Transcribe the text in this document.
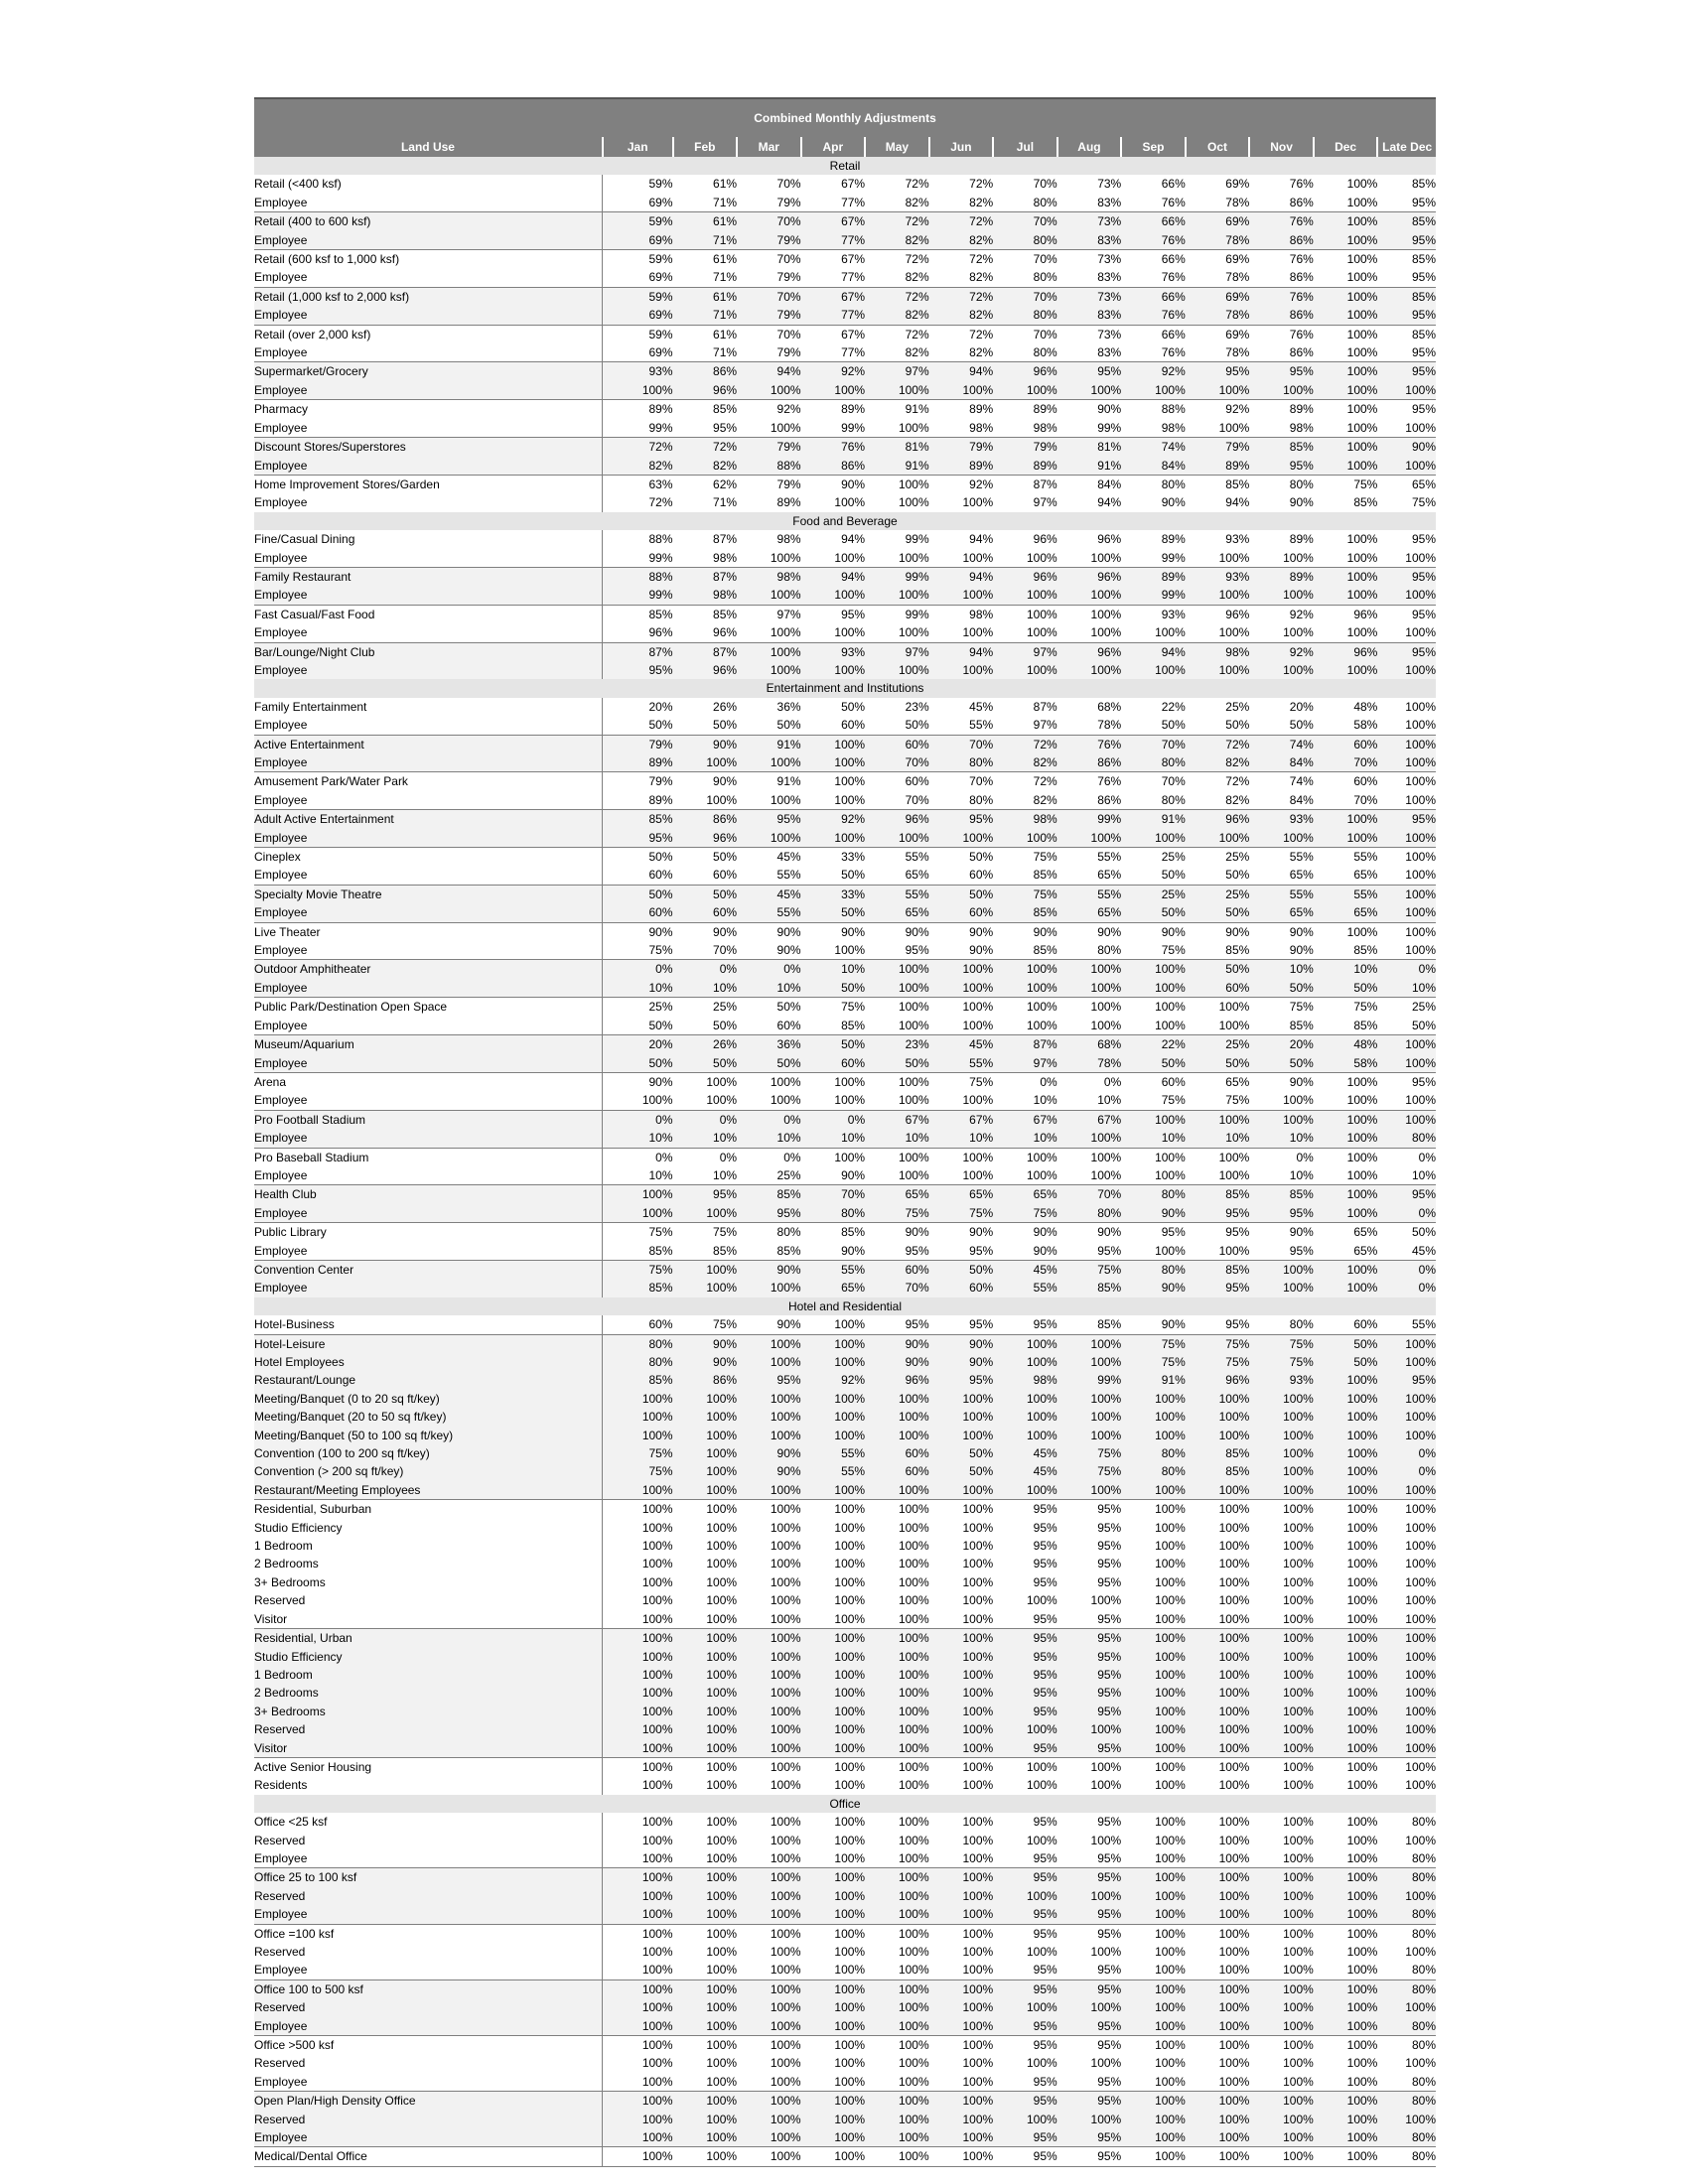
Combined Monthly Adjustments													
Land Use	Jan	Feb	Mar	Apr	May	Jun	Jul	Aug	Sep	Oct	Nov	Dec	Late Dec
Retail													
Retail (<400 ksf)	59%	61%	70%	67%	72%	72%	70%	73%	66%	69%	76%	100%	85%
Employee	69%	71%	79%	77%	82%	82%	80%	83%	76%	78%	86%	100%	95%
Retail (400 to 600 ksf)	59%	61%	70%	67%	72%	72%	70%	73%	66%	69%	76%	100%	85%
Employee	69%	71%	79%	77%	82%	82%	80%	83%	76%	78%	86%	100%	95%
Retail (600 ksf to 1,000 ksf)	59%	61%	70%	67%	72%	72%	70%	73%	66%	69%	76%	100%	85%
Employee	69%	71%	79%	77%	82%	82%	80%	83%	76%	78%	86%	100%	95%
Retail (1,000 ksf to 2,000 ksf)	59%	61%	70%	67%	72%	72%	70%	73%	66%	69%	76%	100%	85%
Employee	69%	71%	79%	77%	82%	82%	80%	83%	76%	78%	86%	100%	95%
Retail (over 2,000 ksf)	59%	61%	70%	67%	72%	72%	70%	73%	66%	69%	76%	100%	85%
Employee	69%	71%	79%	77%	82%	82%	80%	83%	76%	78%	86%	100%	95%
Supermarket/Grocery	93%	86%	94%	92%	97%	94%	96%	95%	92%	95%	95%	100%	95%
Employee	100%	96%	100%	100%	100%	100%	100%	100%	100%	100%	100%	100%	100%
Pharmacy	89%	85%	92%	89%	91%	89%	89%	90%	88%	92%	89%	100%	95%
Employee	99%	95%	100%	99%	100%	98%	98%	99%	98%	100%	98%	100%	100%
Discount Stores/Superstores	72%	72%	79%	76%	81%	79%	79%	81%	74%	79%	85%	100%	90%
Employee	82%	82%	88%	86%	91%	89%	89%	91%	84%	89%	95%	100%	100%
Home Improvement Stores/Garden	63%	62%	79%	90%	100%	92%	87%	84%	80%	85%	80%	75%	65%
Employee	72%	71%	89%	100%	100%	100%	97%	94%	90%	94%	90%	85%	75%
Food and Beverage													
Fine/Casual Dining	88%	87%	98%	94%	99%	94%	96%	96%	89%	93%	89%	100%	95%
Employee	99%	98%	100%	100%	100%	100%	100%	100%	99%	100%	100%	100%	100%
Family Restaurant	88%	87%	98%	94%	99%	94%	96%	96%	89%	93%	89%	100%	95%
Employee	99%	98%	100%	100%	100%	100%	100%	100%	99%	100%	100%	100%	100%
Fast Casual/Fast Food	85%	85%	97%	95%	99%	98%	100%	100%	93%	96%	92%	96%	95%
Employee	96%	96%	100%	100%	100%	100%	100%	100%	100%	100%	100%	100%	100%
Bar/Lounge/Night Club	87%	87%	100%	93%	97%	94%	97%	96%	94%	98%	92%	96%	95%
Employee	95%	96%	100%	100%	100%	100%	100%	100%	100%	100%	100%	100%	100%
Entertainment and Institutions													
Family Entertainment	20%	26%	36%	50%	23%	45%	87%	68%	22%	25%	20%	48%	100%
Employee	50%	50%	50%	60%	50%	55%	97%	78%	50%	50%	50%	58%	100%
Active Entertainment	79%	90%	91%	100%	60%	70%	72%	76%	70%	72%	74%	60%	100%
Employee	89%	100%	100%	100%	70%	80%	82%	86%	80%	82%	84%	70%	100%
Amusement Park/Water Park	79%	90%	91%	100%	60%	70%	72%	76%	70%	72%	74%	60%	100%
Employee	89%	100%	100%	100%	70%	80%	82%	86%	80%	82%	84%	70%	100%
Adult Active Entertainment	85%	86%	95%	92%	96%	95%	98%	99%	91%	96%	93%	100%	95%
Employee	95%	96%	100%	100%	100%	100%	100%	100%	100%	100%	100%	100%	100%
Cineplex	50%	50%	45%	33%	55%	50%	75%	55%	25%	25%	55%	55%	100%
Employee	60%	60%	55%	50%	65%	60%	85%	65%	50%	50%	65%	65%	100%
Specialty Movie Theatre	50%	50%	45%	33%	55%	50%	75%	55%	25%	25%	55%	55%	100%
Employee	60%	60%	55%	50%	65%	60%	85%	65%	50%	50%	65%	65%	100%
Live Theater	90%	90%	90%	90%	90%	90%	90%	90%	90%	90%	90%	100%	100%
Employee	75%	70%	90%	100%	95%	90%	85%	80%	75%	85%	90%	85%	100%
Outdoor Amphitheater	0%	0%	0%	10%	100%	100%	100%	100%	100%	50%	10%	10%	0%
Employee	10%	10%	10%	50%	100%	100%	100%	100%	100%	60%	50%	50%	10%
Public Park/Destination Open Space	25%	25%	50%	75%	100%	100%	100%	100%	100%	100%	75%	75%	25%
Employee	50%	50%	60%	85%	100%	100%	100%	100%	100%	100%	85%	85%	50%
Museum/Aquarium	20%	26%	36%	50%	23%	45%	87%	68%	22%	25%	20%	48%	100%
Employee	50%	50%	50%	60%	50%	55%	97%	78%	50%	50%	50%	58%	100%
Arena	90%	100%	100%	100%	100%	75%	0%	0%	60%	65%	90%	100%	95%
Employee	100%	100%	100%	100%	100%	100%	10%	10%	75%	75%	100%	100%	100%
Pro Football Stadium	0%	0%	0%	0%	67%	67%	67%	67%	100%	100%	100%	100%	100%
Employee	10%	10%	10%	10%	10%	10%	10%	100%	10%	10%	10%	100%	80%
Pro Baseball Stadium	0%	0%	0%	100%	100%	100%	100%	100%	100%	100%	0%	100%	0%
Employee	10%	10%	25%	90%	100%	100%	100%	100%	100%	100%	10%	100%	10%
Health Club	100%	95%	85%	70%	65%	65%	65%	70%	80%	85%	85%	100%	95%
Employee	100%	100%	95%	80%	75%	75%	75%	80%	90%	95%	95%	100%	0%
Public Library	75%	75%	80%	85%	90%	90%	90%	90%	95%	95%	90%	65%	50%
Employee	85%	85%	85%	90%	95%	95%	90%	95%	100%	100%	95%	65%	45%
Convention Center	75%	100%	90%	55%	60%	50%	45%	75%	80%	85%	100%	100%	0%
Employee	85%	100%	100%	65%	70%	60%	55%	85%	90%	95%	100%	100%	0%
Hotel and Residential													
Hotel-Business	60%	75%	90%	100%	95%	95%	95%	85%	90%	95%	80%	60%	55%
Hotel-Leisure	80%	90%	100%	100%	90%	90%	100%	100%	75%	75%	75%	50%	100%
Hotel Employees	80%	90%	100%	100%	90%	90%	100%	100%	75%	75%	75%	50%	100%
Restaurant/Lounge	85%	86%	95%	92%	96%	95%	98%	99%	91%	96%	93%	100%	95%
Meeting/Banquet (0 to 20 sq ft/key)	100%	100%	100%	100%	100%	100%	100%	100%	100%	100%	100%	100%	100%
Meeting/Banquet (20 to 50 sq ft/key)	100%	100%	100%	100%	100%	100%	100%	100%	100%	100%	100%	100%	100%
Meeting/Banquet (50 to 100 sq ft/key)	100%	100%	100%	100%	100%	100%	100%	100%	100%	100%	100%	100%	100%
Convention (100 to 200 sq ft/key)	75%	100%	90%	55%	60%	50%	45%	75%	80%	85%	100%	100%	0%
Convention (> 200 sq ft/key)	75%	100%	90%	55%	60%	50%	45%	75%	80%	85%	100%	100%	0%
Restaurant/Meeting Employees	100%	100%	100%	100%	100%	100%	100%	100%	100%	100%	100%	100%	100%
Residential, Suburban	100%	100%	100%	100%	100%	100%	95%	95%	100%	100%	100%	100%	100%
Studio Efficiency	100%	100%	100%	100%	100%	100%	95%	95%	100%	100%	100%	100%	100%
1 Bedroom	100%	100%	100%	100%	100%	100%	95%	95%	100%	100%	100%	100%	100%
2 Bedrooms	100%	100%	100%	100%	100%	100%	95%	95%	100%	100%	100%	100%	100%
3+ Bedrooms	100%	100%	100%	100%	100%	100%	95%	95%	100%	100%	100%	100%	100%
Reserved	100%	100%	100%	100%	100%	100%	100%	100%	100%	100%	100%	100%	100%
Visitor	100%	100%	100%	100%	100%	100%	95%	95%	100%	100%	100%	100%	100%
Residential, Urban	100%	100%	100%	100%	100%	100%	95%	95%	100%	100%	100%	100%	100%
Studio Efficiency	100%	100%	100%	100%	100%	100%	95%	95%	100%	100%	100%	100%	100%
1 Bedroom	100%	100%	100%	100%	100%	100%	95%	95%	100%	100%	100%	100%	100%
2 Bedrooms	100%	100%	100%	100%	100%	100%	95%	95%	100%	100%	100%	100%	100%
3+ Bedrooms	100%	100%	100%	100%	100%	100%	95%	95%	100%	100%	100%	100%	100%
Reserved	100%	100%	100%	100%	100%	100%	100%	100%	100%	100%	100%	100%	100%
Visitor	100%	100%	100%	100%	100%	100%	95%	95%	100%	100%	100%	100%	100%
Active Senior Housing	100%	100%	100%	100%	100%	100%	100%	100%	100%	100%	100%	100%	100%
Residents	100%	100%	100%	100%	100%	100%	100%	100%	100%	100%	100%	100%	100%
Office													
Office <25 ksf	100%	100%	100%	100%	100%	100%	95%	95%	100%	100%	100%	100%	80%
Reserved	100%	100%	100%	100%	100%	100%	100%	100%	100%	100%	100%	100%	100%
Employee	100%	100%	100%	100%	100%	100%	95%	95%	100%	100%	100%	100%	80%
Office 25 to 100 ksf	100%	100%	100%	100%	100%	100%	95%	95%	100%	100%	100%	100%	80%
Reserved	100%	100%	100%	100%	100%	100%	100%	100%	100%	100%	100%	100%	100%
Employee	100%	100%	100%	100%	100%	100%	95%	95%	100%	100%	100%	100%	80%
Office =100 ksf	100%	100%	100%	100%	100%	100%	95%	95%	100%	100%	100%	100%	80%
Reserved	100%	100%	100%	100%	100%	100%	100%	100%	100%	100%	100%	100%	100%
Employee	100%	100%	100%	100%	100%	100%	95%	95%	100%	100%	100%	100%	80%
Office 100 to 500 ksf	100%	100%	100%	100%	100%	100%	95%	95%	100%	100%	100%	100%	80%
Reserved	100%	100%	100%	100%	100%	100%	100%	100%	100%	100%	100%	100%	100%
Employee	100%	100%	100%	100%	100%	100%	95%	95%	100%	100%	100%	100%	80%
Office >500 ksf	100%	100%	100%	100%	100%	100%	95%	95%	100%	100%	100%	100%	80%
Reserved	100%	100%	100%	100%	100%	100%	100%	100%	100%	100%	100%	100%	100%
Employee	100%	100%	100%	100%	100%	100%	95%	95%	100%	100%	100%	100%	80%
Open Plan/High Density Office	100%	100%	100%	100%	100%	100%	95%	95%	100%	100%	100%	100%	80%
Reserved	100%	100%	100%	100%	100%	100%	100%	100%	100%	100%	100%	100%	100%
Employee	100%	100%	100%	100%	100%	100%	95%	95%	100%	100%	100%	100%	80%
Medical/Dental Office	100%	100%	100%	100%	100%	100%	95%	95%	100%	100%	100%	100%	80%
